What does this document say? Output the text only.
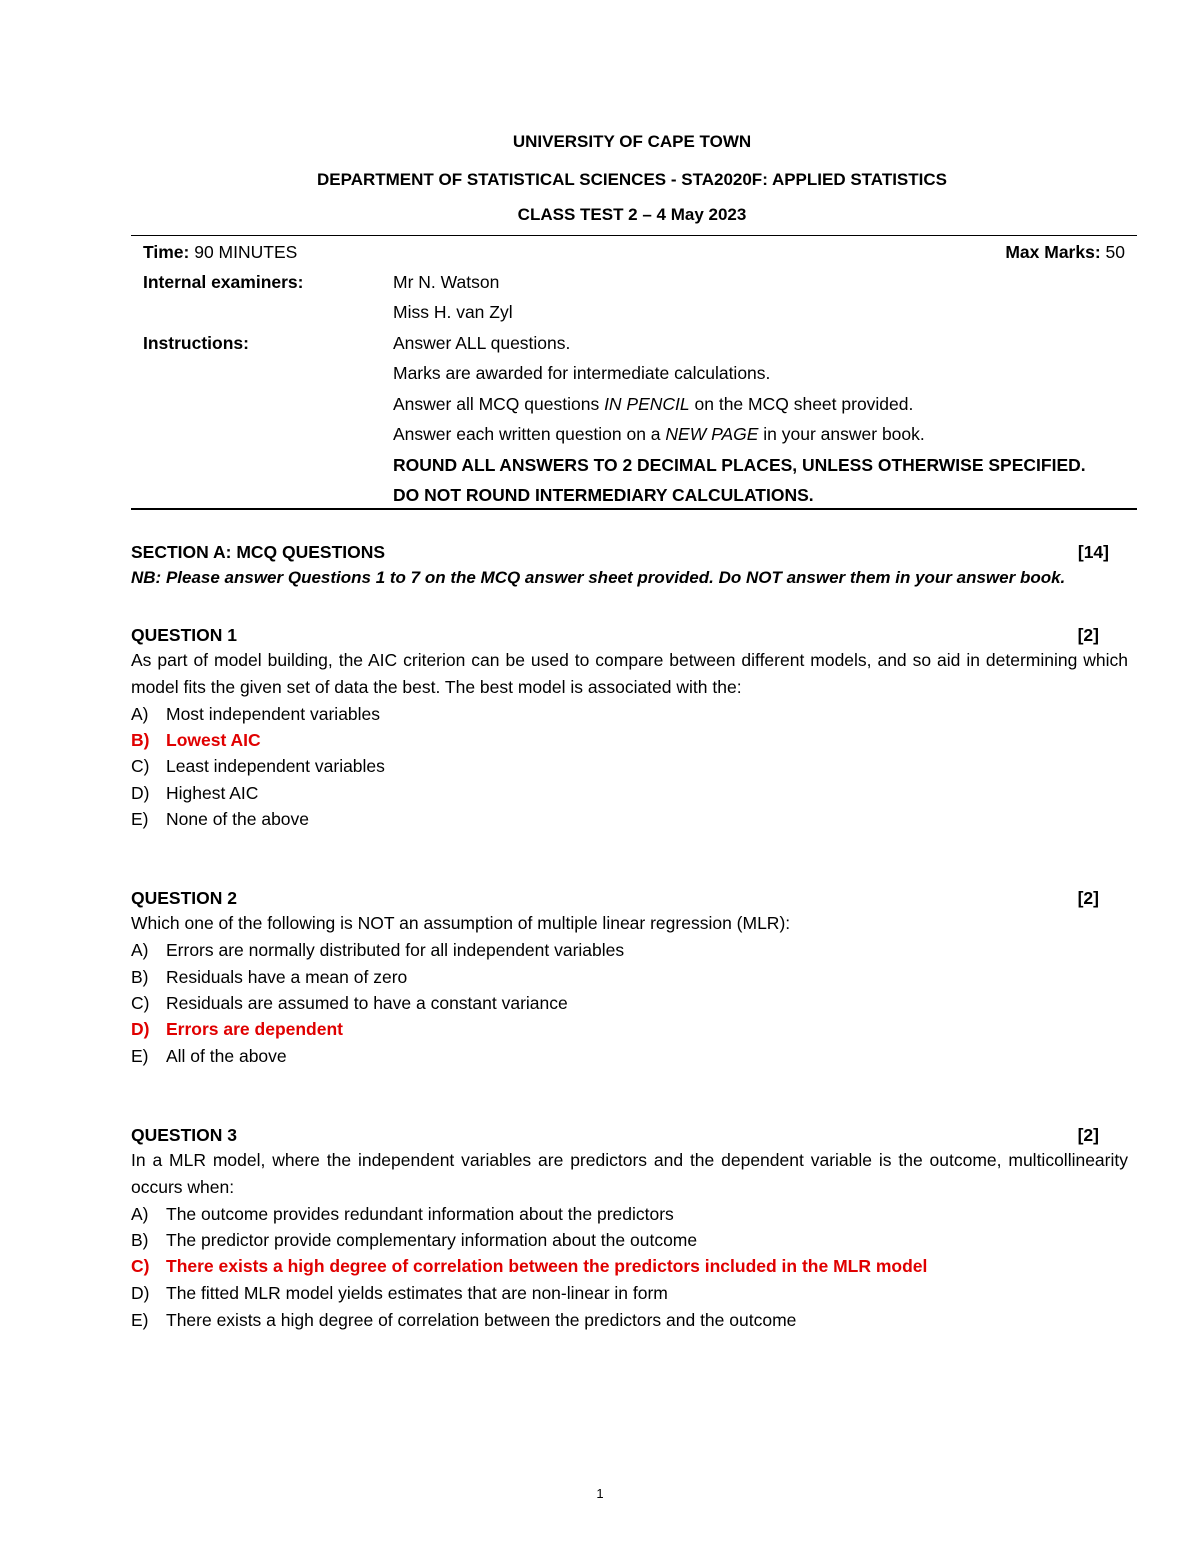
UNIVERSITY OF CAPE TOWN
DEPARTMENT OF STATISTICAL SCIENCES - STA2020F: APPLIED STATISTICS
CLASS TEST 2 – 4 May 2023
Time: 90 MINUTES	Max Marks: 50
Internal examiners:	Mr N. Watson
Miss H. van Zyl
Instructions:	Answer ALL questions.
Marks are awarded for intermediate calculations.
Answer all MCQ questions IN PENCIL on the MCQ sheet provided.
Answer each written question on a NEW PAGE in your answer book.
ROUND ALL ANSWERS TO 2 DECIMAL PLACES, UNLESS OTHERWISE SPECIFIED.
DO NOT ROUND INTERMEDIARY CALCULATIONS.
SECTION A: MCQ QUESTIONS	[14]
NB: Please answer Questions 1 to 7 on the MCQ answer sheet provided. Do NOT answer them in your answer book.
QUESTION 1	[2]
As part of model building, the AIC criterion can be used to compare between different models, and so aid in determining which model fits the given set of data the best. The best model is associated with the:
A) Most independent variables
B) Lowest AIC
C) Least independent variables
D) Highest AIC
E) None of the above
QUESTION 2	[2]
Which one of the following is NOT an assumption of multiple linear regression (MLR):
A) Errors are normally distributed for all independent variables
B) Residuals have a mean of zero
C) Residuals are assumed to have a constant variance
D) Errors are dependent
E) All of the above
QUESTION 3	[2]
In a MLR model, where the independent variables are predictors and the dependent variable is the outcome, multicollinearity occurs when:
A) The outcome provides redundant information about the predictors
B) The predictor provide complementary information about the outcome
C) There exists a high degree of correlation between the predictors included in the MLR model
D) The fitted MLR model yields estimates that are non-linear in form
E) There exists a high degree of correlation between the predictors and the outcome
1
